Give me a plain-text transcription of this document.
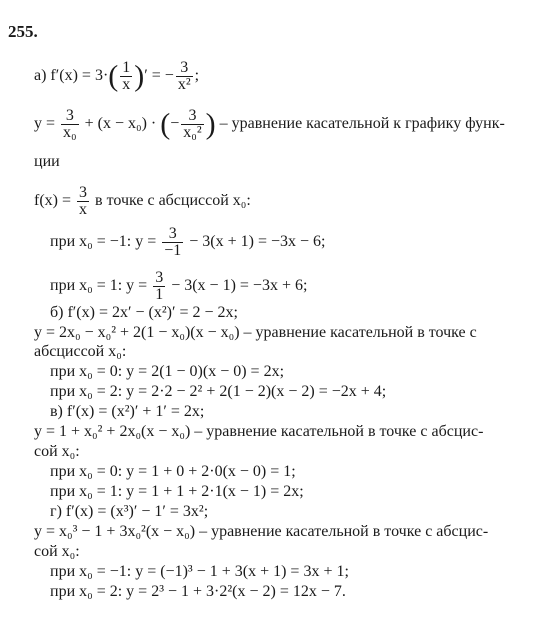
255.
а) $f'(x) = 3\cdot( \frac{1}{x}$ )′ = − $\frac{3}{\text{x²}}$ ;
$y = \frac{3}{\text{x₀}} + (x - x_0)$ · (− $\frac{3}{\text{x₀²}}$ ) – уравнение касательной к графику функ-
ции
$f(x) = \frac{3}{x}$ в точке с абсциссой x₀:
при x₀ = −1: $y = \frac{3}{-1} - 3(x + 1) = -3x - 6$;
при x₀ = 1: $y = \frac{3}{1} - 3(x - 1) = -3x + 6$;
б) f′(x) = 2x′ − (x²)′ = 2 − 2x;
y = 2x₀ − x₀² + 2(1 − x₀)(x − x₀) – уравнение касательной в точке с
абсциссой x₀:
при x₀ = 0: y = 2(1 − 0)(x − 0) = 2x;
при x₀ = 2: y = 2·2 − 2² + 2(1 − 2)(x − 2) = −2x + 4;
в) f′(x) = (x²)′ + 1′ = 2x;
y = 1 + x₀² + 2x₀(x − x₀) – уравнение касательной в точке с абсцис-
сой x₀:
при x₀ = 0: y = 1 + 0 + 2·0(x − 0) = 1;
при x₀ = 1: y = 1 + 1 + 2·1(x − 1) = 2x;
г) f′(x) = (x³)′ − 1′ = 3x²;
y = x₀³ − 1 + 3x₀²(x − x₀) – уравнение касательной в точке с абсцис-
сой x₀:
при x₀ = −1: y = (−1)³ − 1 + 3(x + 1) = 3x + 1;
при x₀ = 2: y = 2³ − 1 + 3·2²(x − 2) = 12x − 7.
